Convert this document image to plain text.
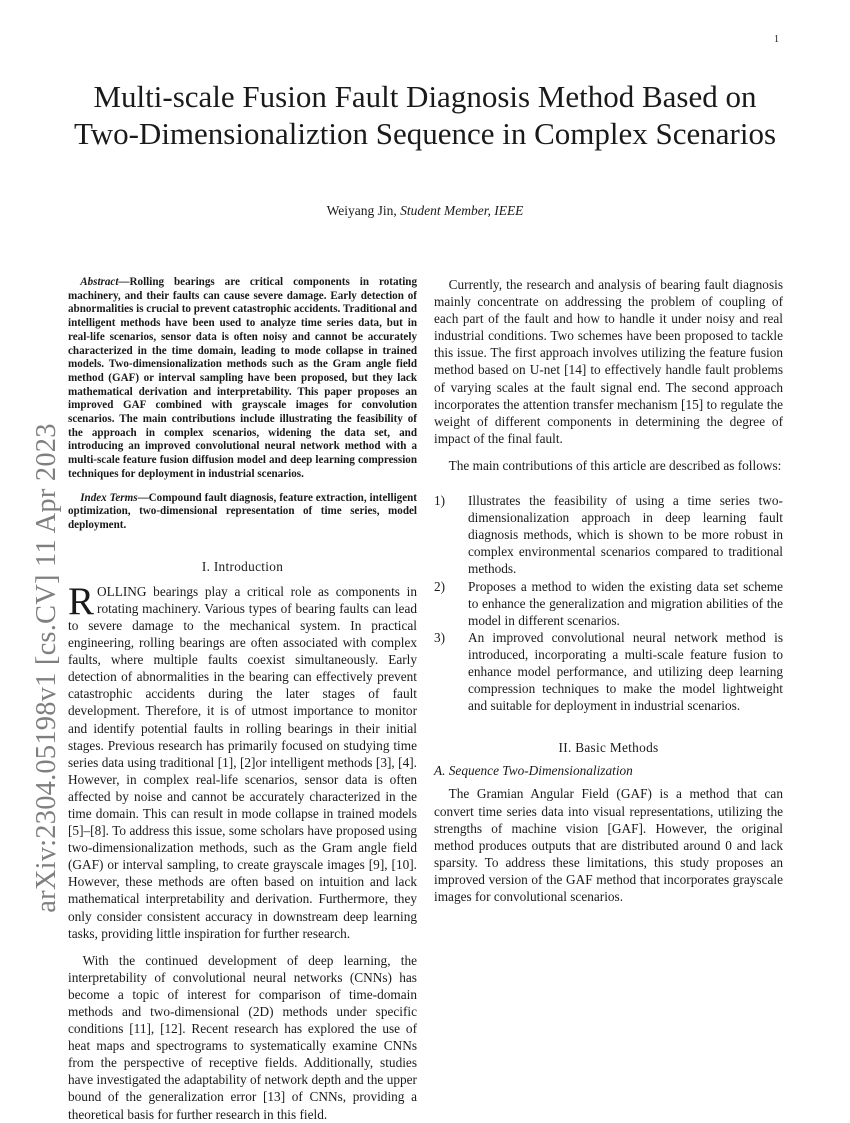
1
arXiv:2304.05198v1 [cs.CV] 11 Apr 2023
Multi-scale Fusion Fault Diagnosis Method Based on Two-Dimensionaliztion Sequence in Complex Scenarios
Weiyang Jin, Student Member, IEEE

Abstract—Rolling bearings are critical components in rotating machinery, and their faults can cause severe damage. Early detection of abnormalities is crucial to prevent catastrophic accidents. Traditional and intelligent methods have been used to analyze time series data, but in real-life scenarios, sensor data is often noisy and cannot be accurately characterized in the time domain, leading to mode collapse in trained models. Two-dimensionalization methods such as the Gram angle field method (GAF) or interval sampling have been proposed, but they lack mathematical derivation and interpretability. This paper proposes an improved GAF combined with grayscale images for convolution scenarios. The main contributions include illustrating the feasibility of the approach in complex scenarios, widening the data set, and introducing an improved convolutional neural network method with a multi-scale feature fusion diffusion model and deep learning compression techniques for deployment in industrial scenarios.

Index Terms—Compound fault diagnosis, feature extraction, intelligent optimization, two-dimensional representation of time series, model deployment.

I. Introduction

ROLLING bearings play a critical role as components in rotating machinery. Various types of bearing faults can lead to severe damage to the mechanical system. In practical engineering, rolling bearings are often associated with complex faults, where multiple faults coexist simultaneously. Early detection of abnormalities in the bearing can effectively prevent catastrophic accidents during the later stages of fault development. Therefore, it is of utmost importance to monitor and identify potential faults in rolling bearings in their initial stages. Previous research has primarily focused on studying time series data using traditional [1], [2]or intelligent methods [3], [4]. However, in complex real-life scenarios, sensor data is often affected by noise and cannot be accurately characterized in the time domain. This can result in mode collapse in trained models [5]–[8]. To address this issue, some scholars have proposed using two-dimensionalization methods, such as the Gram angle field (GAF) or interval sampling, to create grayscale images [9], [10]. However, these methods are often based on intuition and lack mathematical interpretability and derivation. Furthermore, they only consider consistent accuracy in downstream deep learning tasks, providing little inspiration for further research.

With the continued development of deep learning, the interpretability of convolutional neural networks (CNNs) has become a topic of interest for comparison of time-domain methods and two-dimensional (2D) methods under specific conditions [11], [12]. Recent research has explored the use of heat maps and spectrograms to systematically examine CNNs from the perspective of receptive fields. Additionally, studies have investigated the adaptability of network depth and the upper bound of the generalization error [13] of CNNs, providing a theoretical basis for further research in this field.

Currently, the research and analysis of bearing fault diagnosis mainly concentrate on addressing the problem of coupling of each part of the fault and how to handle it under noisy and real industrial conditions. Two schemes have been proposed to tackle this issue. The first approach involves utilizing the feature fusion method based on U-net [14] to effectively handle fault problems of varying scales at the fault signal end. The second approach incorporates the attention transfer mechanism [15] to regulate the weight of different components in determining the degree of impact of the final fault.

The main contributions of this article are described as follows:

1)	Illustrates the feasibility of using a time series two-dimensionalization approach in deep learning fault diagnosis methods, which is shown to be more robust in complex environmental scenarios compared to traditional methods.
2)	Proposes a method to widen the existing data set scheme to enhance the generalization and migration abilities of the model in different scenarios.
3)	An improved convolutional neural network method is introduced, incorporating a multi-scale feature fusion to enhance model performance, and utilizing deep learning compression techniques to make the model lightweight and suitable for deployment in industrial scenarios.
II. Basic Methods
A. Sequence Two-Dimensionalization

The Gramian Angular Field (GAF) is a method that can convert time series data into visual representations, utilizing the strengths of machine vision [GAF]. However, the original method produces outputs that are distributed around 0 and lack sparsity. To address these limitations, this study proposes an improved version of the GAF method that incorporates grayscale images for convolutional scenarios.
